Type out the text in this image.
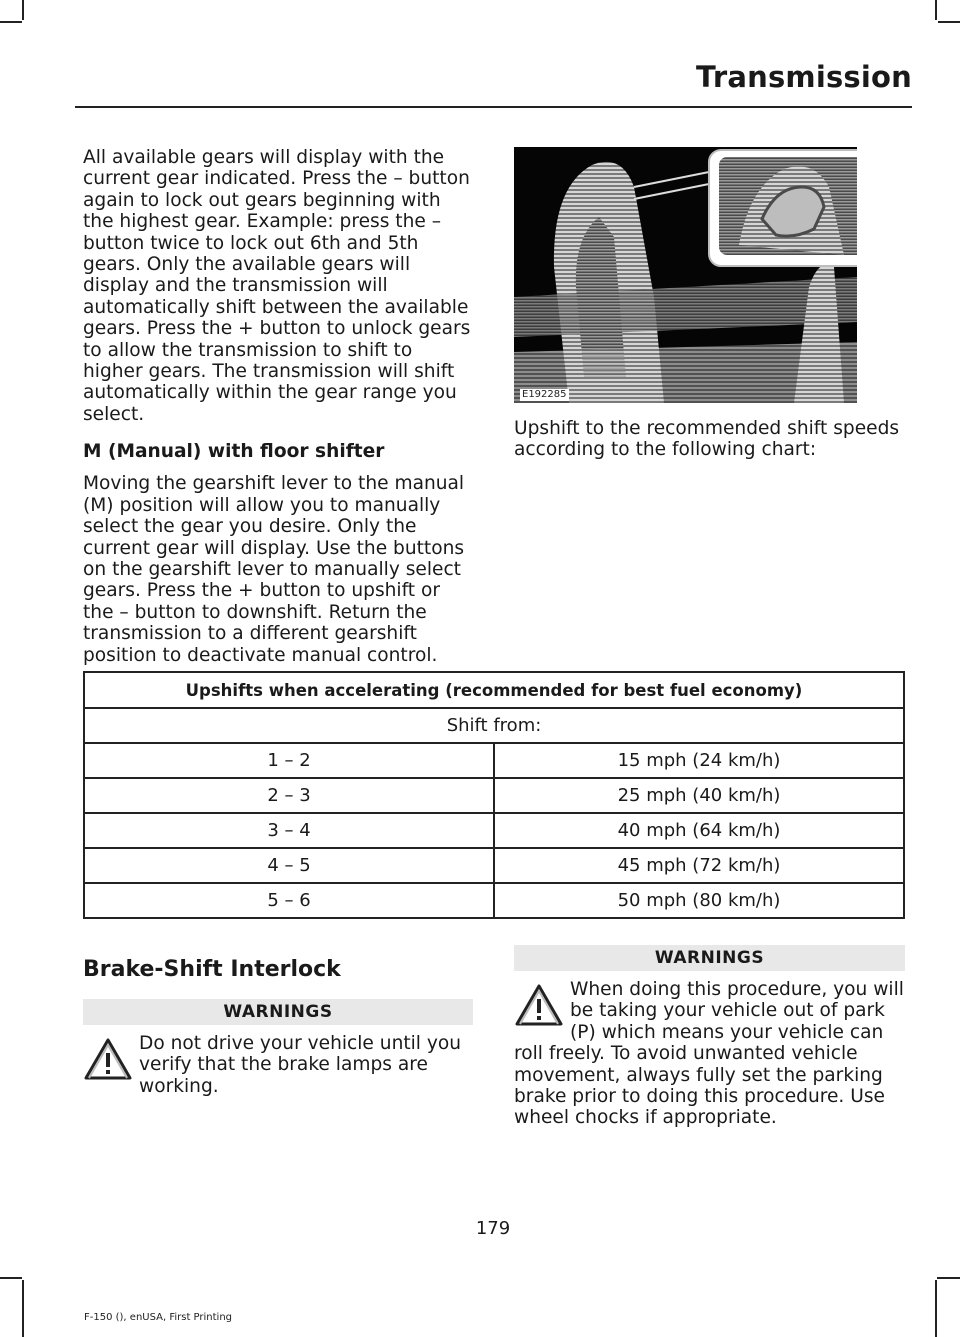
Transmission

All available gears will display with the current gear indicated. Press the – button again to lock out gears beginning with the highest gear. Example: press the – button twice to lock out 6th and 5th gears. Only the available gears will display and the transmission will automatically shift between the available gears. Press the + button to unlock gears to allow the transmission to shift to higher gears. The transmission will shift automatically within the gear range you select.

M (Manual) with floor shifter

Moving the gearshift lever to the manual (M) position will allow you to manually select the gear you desire. Only the current gear will display. Use the buttons on the gearshift lever to manually select gears. Press the + button to upshift or the – button to downshift. Return the transmission to a different gearshift position to deactivate manual control.

E192285

Upshift to the recommended shift speeds according to the following chart:

Upshifts when accelerating (recommended for best fuel economy)	
Shift from:	
1 – 2	15 mph (24 km/h)
2 – 3	25 mph (40 km/h)
3 – 4	40 mph (64 km/h)
4 – 5	45 mph (72 km/h)
5 – 6	50 mph (80 km/h)
Brake-Shift Interlock
WARNINGS
Do not drive your vehicle until you verify that the brake lamps are working.
WARNINGS
When doing this procedure, you will be taking your vehicle out of park (P) which means your vehicle can roll freely. To avoid unwanted vehicle movement, always fully set the parking brake prior to doing this procedure. Use wheel chocks if appropriate.
179
F-150 (), enUSA, First Printing
